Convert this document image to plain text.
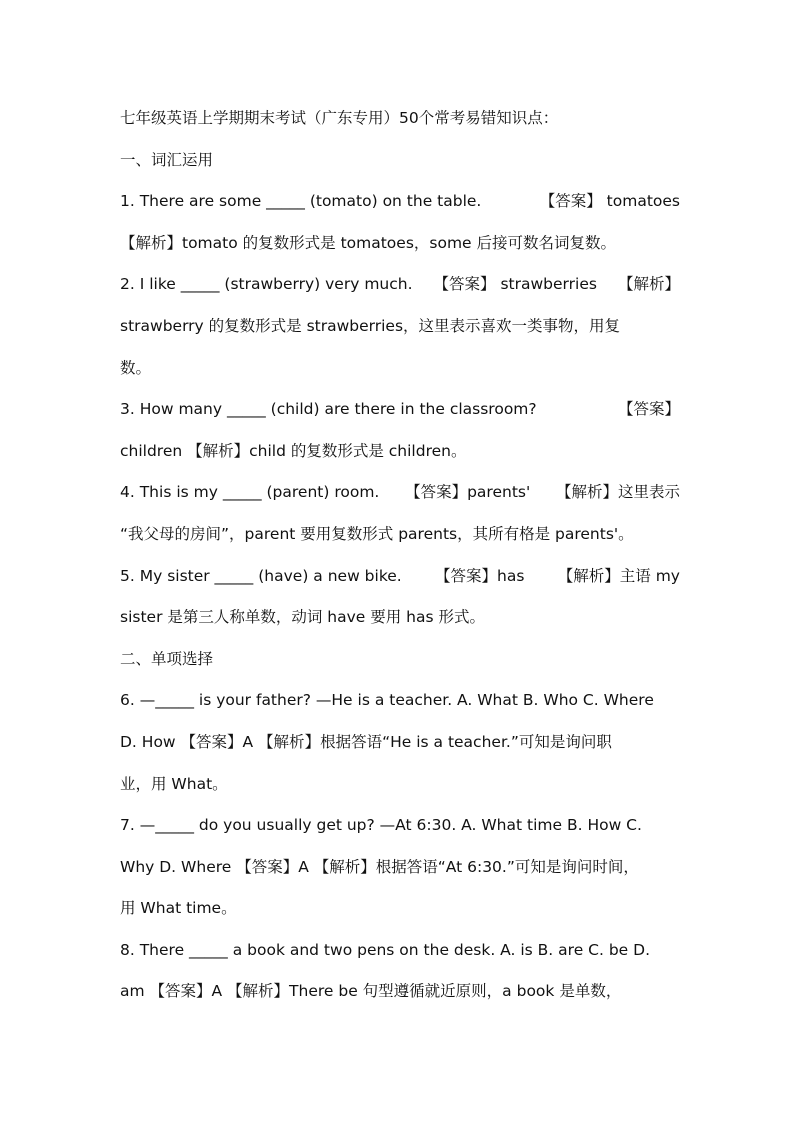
七年级英语上学期期末考试（广东专用）50个常考易错知识点：
一、词汇运用
1. There are some _____ (tomato) on the table.	【答案】 tomatoes
【解析】tomato 的复数形式是 tomatoes，some 后接可数名词复数。
2. I like _____ (strawberry) very much. 【答案】 strawberries 【解析】
strawberry 的复数形式是 strawberries，这里表示喜欢一类事物，用复
数。
3. How many _____ (child) are there in the classroom?	【答案】
children 【解析】child 的复数形式是 children。
4. This is my _____ (parent) room. 【答案】parents' 【解析】这里表示
“我父母的房间”，parent 要用复数形式 parents，其所有格是 parents'。
5. My sister _____ (have) a new bike. 【答案】has 【解析】主语 my
sister 是第三人称单数，动词 have 要用 has 形式。
二、单项选择
6. —_____ is your father? —He is a teacher. A. What B. Who C. Where
D. How 【答案】A 【解析】根据答语“He is a teacher.”可知是询问职
业，用 What。
7. —_____ do you usually get up? —At 6:30. A. What time B. How C.
Why D. Where 【答案】A 【解析】根据答语“At 6:30.”可知是询问时间，
用 What time。
8. There _____ a book and two pens on the desk. A. is B. are C. be D.
am 【答案】A 【解析】There be 句型遵循就近原则，a book 是单数，
